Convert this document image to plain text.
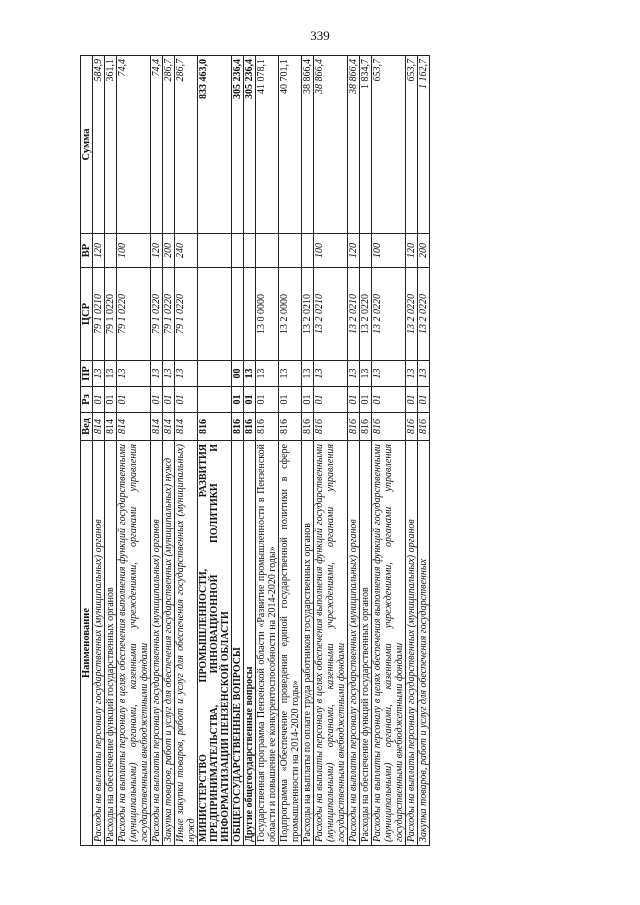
339
Наименование	Вед	Рз	ПР	ЦСР	ВР	Сумма
Расходы на выплаты персоналу государственных (муниципальных) органов	814	01	13	79 1 0210	120	584,9
Расходы на обеспечение функций государственных органов	814	01	13	79 1 0220		361,1
Расходы на выплаты персоналу в целях обеспечения выполнения функций государственными (муниципальными) органами, казенными учреждениями, органами управления государственными внебюджетными фондами	814	01	13	79 1 0220	100	74,4
Расходы на выплаты персоналу государственных (муниципальных) органов	814	01	13	79 1 0220	120	74,4
Закупка товаров, работ и услуг для обеспечения государственных (муниципальных) нужд	814	01	13	79 1 0220	200	286,7
Иные закупки товаров, работ и услуг для обеспечения государственных (муниципальных) нужд	814	01	13	79 1 0220	240	286,7
МИНИСТЕРСТВО ПРОМЫШЛЕННОСТИ, РАЗВИТИЯ ПРЕДПРИНИМАТЕЛЬСТВА, ИННОВАЦИОННОЙ ПОЛИТИКИ И ИНФОРМАТИЗАЦИИ ПЕНЗЕНСКОЙ ОБЛАСТИ	816					833 463,0
ОБЩЕГОСУДАРСТВЕННЫЕ ВОПРОСЫ	816	01	00			305 236,4
Другие общегосударственные вопросы	816	01	13			305 236,4
Государственная программа Пензенской области «Развитие промышленности в Пензенской области и повышение ее конкурентоспособности на 2014-2020 годы»	816	01	13	13 0 0000		41 078,1
Подпрограмма «Обеспечение проведения единой государственной политики в сфере промышленности на 2014-2020 годы»	816	01	13	13 2 0000		40 701,1
Расходы на выплаты по оплате труда работников государственных органов	816	01	13	13 2 0210		38 866,4
Расходы на выплаты персоналу в целях обеспечения выполнения функций государственными (муниципальными) органами, казенными учреждениями, органами управления государственными внебюджетными фондами	816	01	13	13 2 0210	100	38 866,4
Расходы на выплаты персоналу государственных (муниципальных) органов	816	01	13	13 2 0210	120	38 866,4
Расходы на обеспечение функций государственных органов	816	01	13	13 2 0220		1 834,7
Расходы на выплаты персоналу в целях обеспечения выполнения функций государственными (муниципальными) органами, казенными учреждениями, органами управления государственными внебюджетными фондами	816	01	13	13 2 0220	100	653,7
Расходы на выплаты персоналу государственных (муниципальных) органов	816	01	13	13 2 0220	120	653,7
Закупка товаров, работ и услуг для обеспечения государственных	816	01	13	13 2 0220	200	1 162,7
